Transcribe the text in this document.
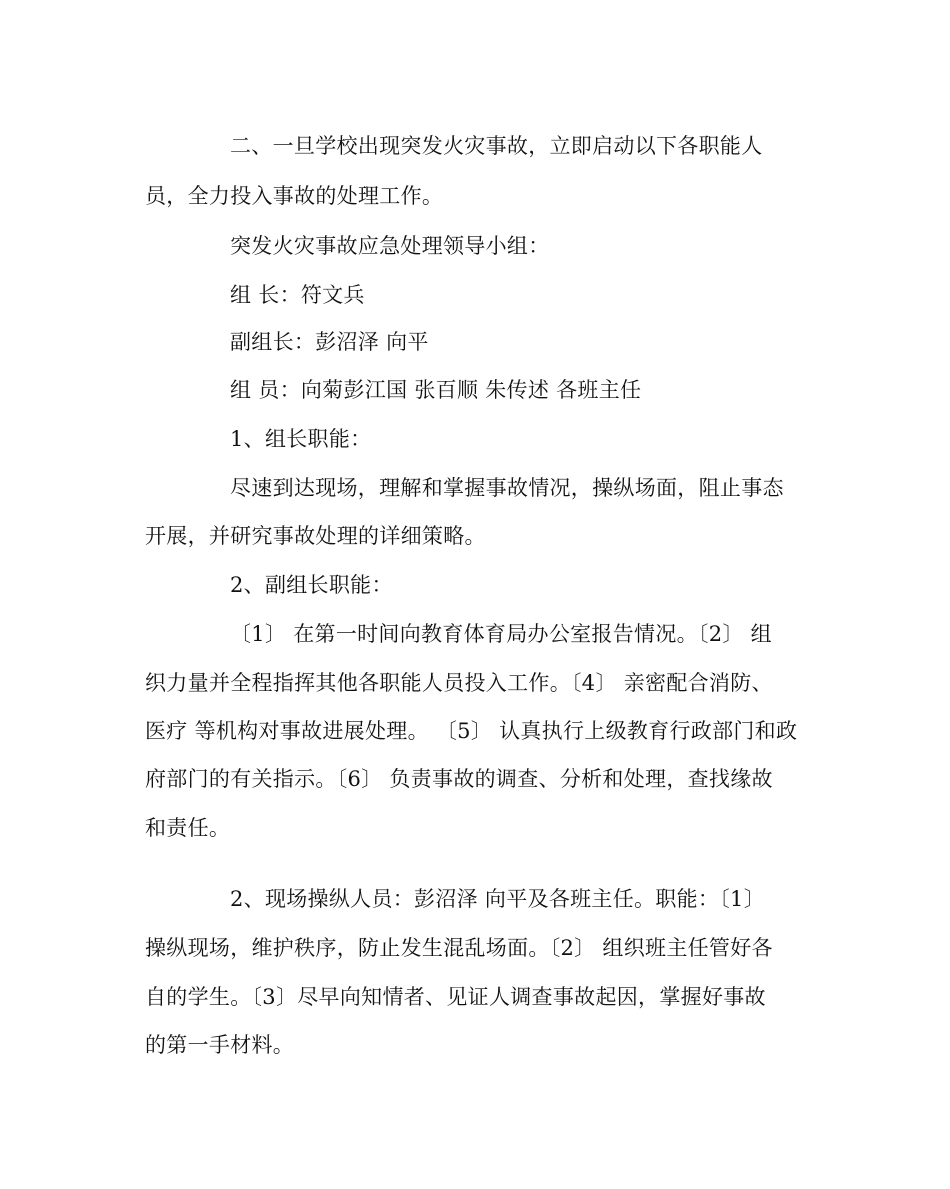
二、一旦学校出现突发火灾事故，立即启动以下各职能人
员，全力投入事故的处理工作。
突发火灾事故应急处理领导小组：
组 长：符文兵
副组长：彭沼泽 向平
组 员：向菊彭江国 张百顺 朱传述 各班主任
1、组长职能：
尽速到达现场，理解和掌握事故情况，操纵场面，阻止事态
开展，并研究事故处理的详细策略。
2、副组长职能：
〔1〕 在第一时间向教育体育局办公室报告情况。〔2〕 组
织力量并全程指挥其他各职能人员投入工作。〔4〕 亲密配合消防、
医疗 等机构对事故进展处理。 〔5〕 认真执行上级教育行政部门和政
府部门的有关指示。〔6〕 负责事故的调查、分析和处理，查找缘故
和责任。
2、现场操纵人员：彭沼泽 向平及各班主任。职能：〔1〕
操纵现场，维护秩序，防止发生混乱场面。〔2〕 组织班主任管好各
自的学生。〔3〕尽早向知情者、见证人调查事故起因，掌握好事故
的第一手材料。
